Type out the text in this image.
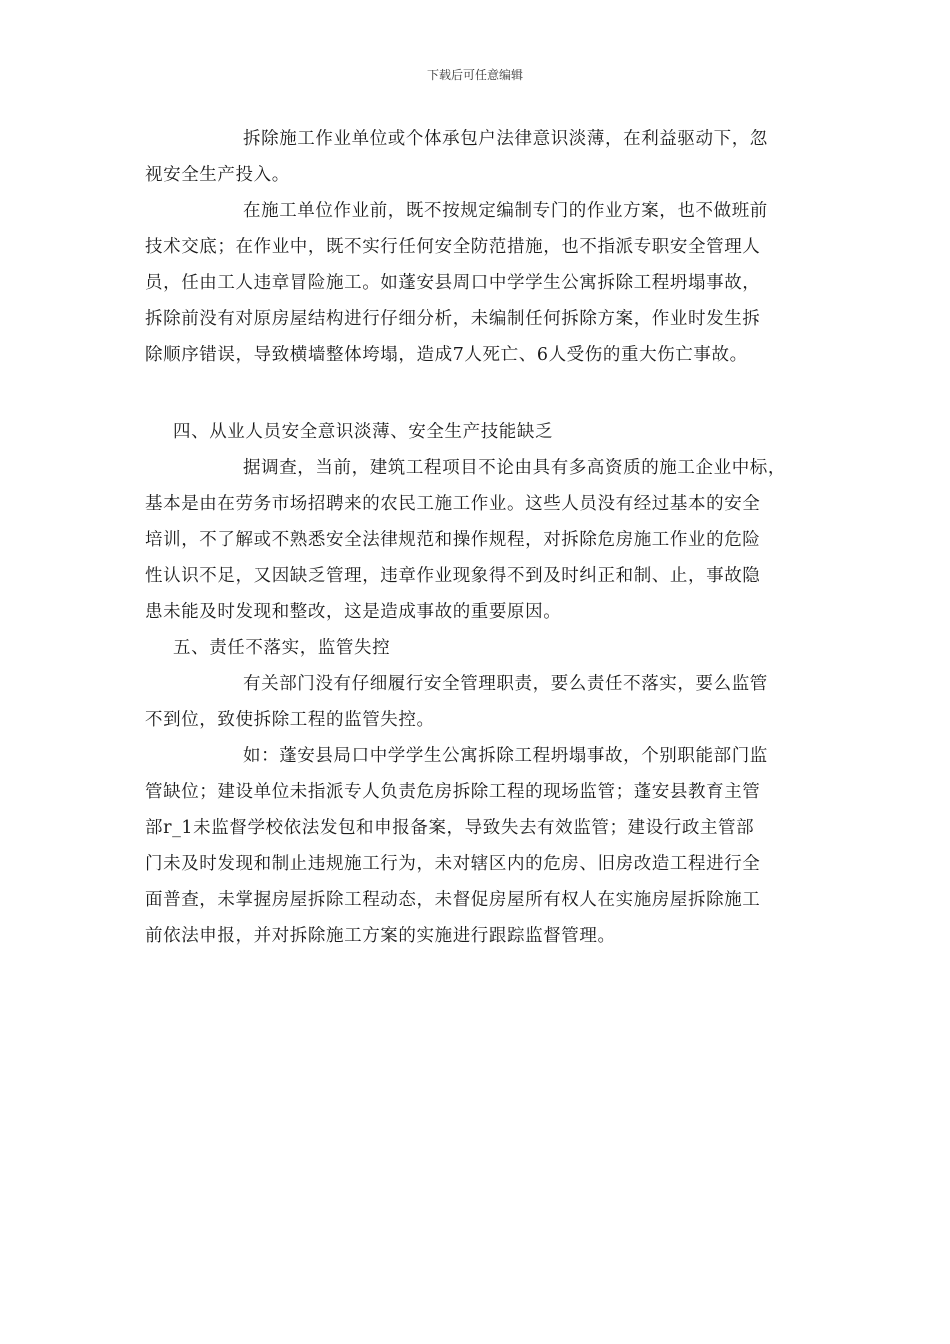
下载后可任意编辑
拆除施工作业单位或个体承包户法律意识淡薄，在利益驱动下，忽
视安全生产投入。
在施工单位作业前，既不按规定编制专门的作业方案，也不做班前
技术交底；在作业中，既不实行任何安全防范措施，也不指派专职安全管理人
员，任由工人违章冒险施工。如蓬安县周口中学学生公寓拆除工程坍塌事故，
拆除前没有对原房屋结构进行仔细分析，未编制任何拆除方案，作业时发生拆
除顺序错误，导致横墙整体垮塌，造成7人死亡、6人受伤的重大伤亡事故。
四、从业人员安全意识淡薄、安全生产技能缺乏
据调查，当前，建筑工程项目不论由具有多高资质的施工企业中标，
基本是由在劳务市场招聘来的农民工施工作业。这些人员没有经过基本的安全
培训，不了解或不熟悉安全法律规范和操作规程，对拆除危房施工作业的危险
性认识不足，又因缺乏管理，违章作业现象得不到及时纠正和制、止，事故隐
患未能及时发现和整改，这是造成事故的重要原因。
五、责任不落实，监管失控
有关部门没有仔细履行安全管理职责，要么责任不落实，要么监管
不到位，致使拆除工程的监管失控。
如：蓬安县局口中学学生公寓拆除工程坍塌事故，个别职能部门监
管缺位；建设单位未指派专人负责危房拆除工程的现场监管；蓬安县教育主管
部r_1未监督学校依法发包和申报备案，导致失去有效监管；建设行政主管部
门未及时发现和制止违规施工行为，未对辖区内的危房、旧房改造工程进行全
面普查，未掌握房屋拆除工程动态，未督促房屋所有权人在实施房屋拆除施工
前依法申报，并对拆除施工方案的实施进行跟踪监督管理。
